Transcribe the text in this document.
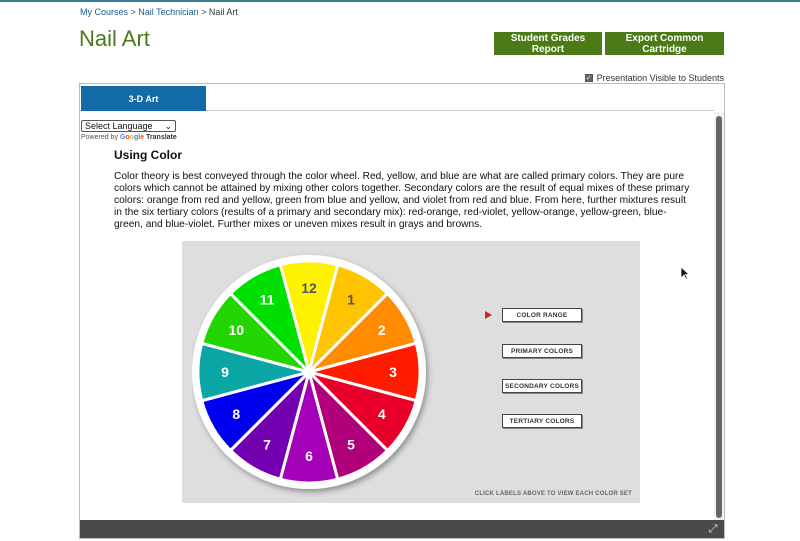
My Courses > Nail Technician > Nail Art
Nail Art	Student Grades Report
Export Common Cartridge
✓ Presentation Visible to Students
3-D Art
Select Language ⌄
Powered by Google Translate
Using Color

Color theory is best conveyed through the color wheel. Red, yellow, and blue are what are called primary colors. They are pure colors which cannot be attained by mixing other colors together. Secondary colors are the result of equal mixes of these primary colors: orange from red and yellow, green from blue and yellow, and violet from red and blue. From here, further mixtures result in the six tertiary colors (results of a primary and secondary mix): red-orange, red-violet, yellow-orange, yellow-green, blue-green, and blue-violet. Further mixes or uneven mixes result in grays and browns.

12
1
2
3
4
5
6
7
8
9
10
11
COLOR RANGE
PRIMARY COLORS
SECONDARY COLORS
TERTIARY COLORS
CLICK LABELS ABOVE TO VIEW EACH COLOR SET
⤢
